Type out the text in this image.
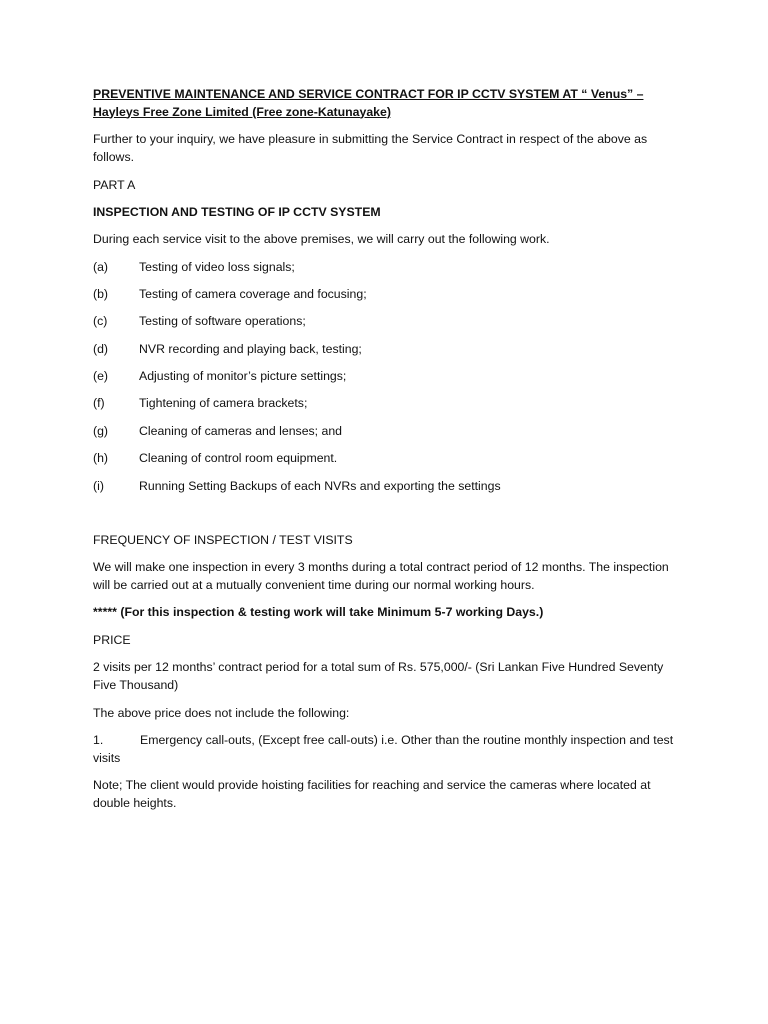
PREVENTIVE MAINTENANCE AND SERVICE CONTRACT FOR IP CCTV SYSTEM AT “ Venus” – Hayleys Free Zone Limited (Free zone-Katunayake)

Further to your inquiry, we have pleasure in submitting the Service Contract in respect of the above as follows.

PART A

INSPECTION AND TESTING OF IP CCTV SYSTEM

During each service visit to the above premises, we will carry out the following work.

(a)	Testing of video loss signals;
(b)	Testing of camera coverage and focusing;
(c)	Testing of software operations;
(d)	NVR recording and playing back, testing;
(e)	Adjusting of monitor’s picture settings;
(f)	Tightening of camera brackets;
(g)	Cleaning of cameras and lenses; and
(h)	Cleaning of control room equipment.
(i)	Running Setting Backups of each NVRs and exporting the settings

FREQUENCY OF INSPECTION / TEST VISITS

We will make one inspection in every 3 months during a total contract period of 12 months. The inspection will be carried out at a mutually convenient time during our normal working hours.

***** (For this inspection & testing work will take Minimum 5-7 working Days.)

PRICE

2 visits per 12 months’ contract period for a total sum of Rs. 575,000/- (Sri Lankan Five Hundred Seventy Five Thousand)

The above price does not include the following:

1.	Emergency call-outs, (Except free call-outs) i.e. Other than the routine monthly inspection and test visits

Note; The client would provide hoisting facilities for reaching and service the cameras where located at double heights.
